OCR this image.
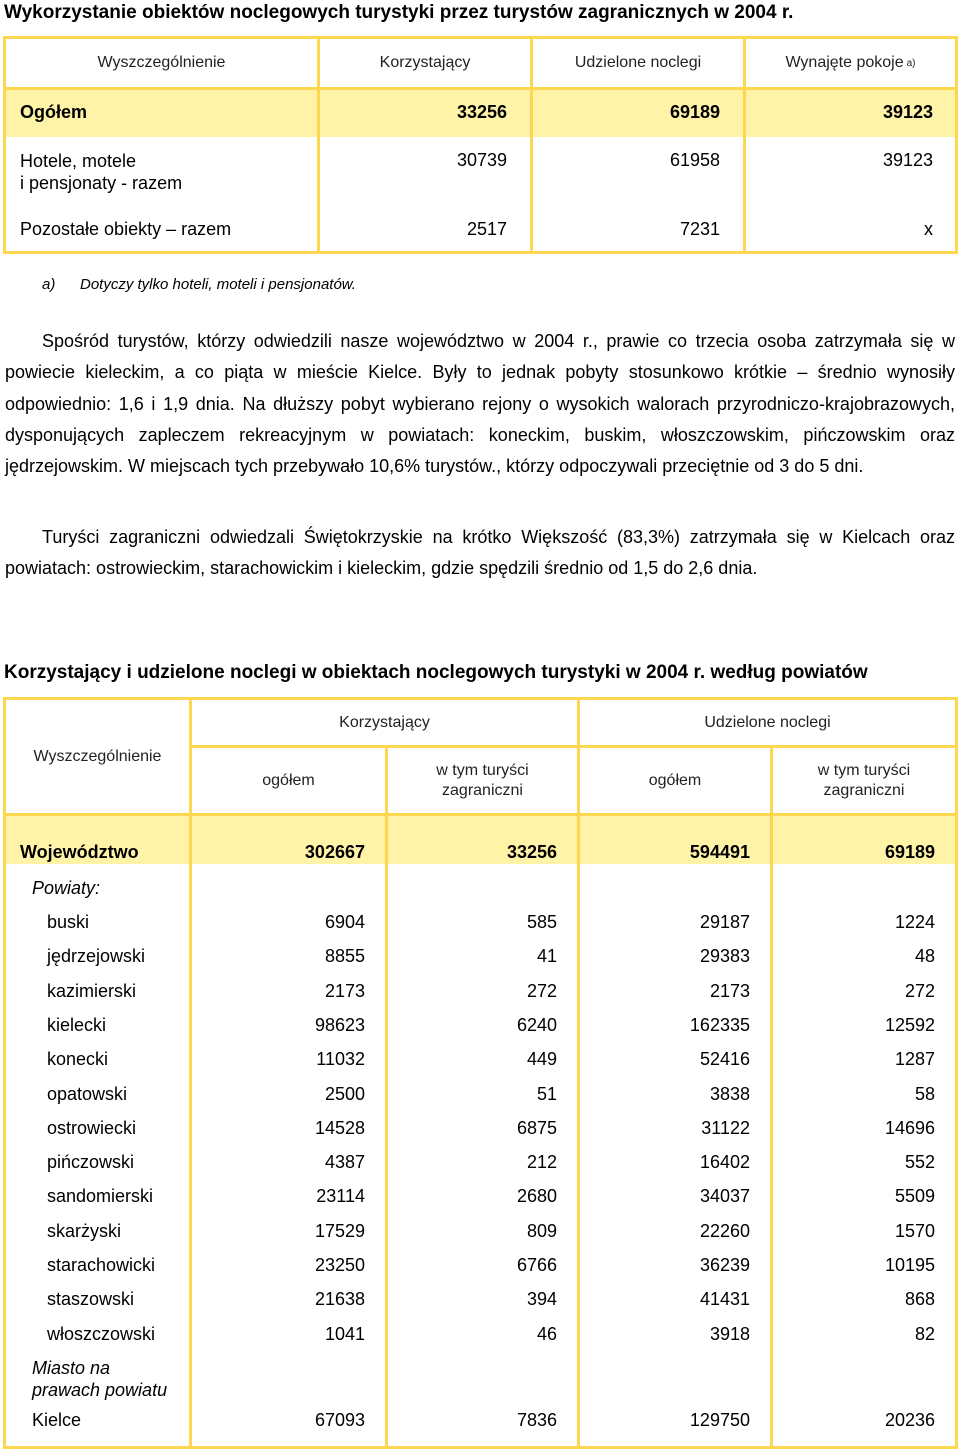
Wykorzystanie obiektów noclegowych turystyki przez turystów zagranicznych w 2004 r.
Wyszczególnienie	Korzystający	Udzielone noclegi	Wynajęte pokoje a)
Ogółem	33256	69189	39123
Hotele, motele
i pensjonaty - razem
30739	61958	39123
Pozostałe obiekty – razem	2517	7231	x
a) Dotyczy tylko hoteli, moteli i pensjonatów.

Spośród turystów, którzy odwiedzili nasze województwo w 2004 r., prawie co trzecia osoba zatrzymała się w powiecie kieleckim, a co piąta w mieście Kielce. Były to jednak pobyty stosunkowo krótkie – średnio wynosiły odpowiednio: 1,6 i 1,9 dnia. Na dłuższy pobyt wybierano rejony o wysokich walorach przyrodniczo-krajobrazowych, dysponujących zapleczem rekreacyjnym w powiatach: koneckim, buskim, włoszczowskim, pińczowskim oraz jędrzejowskim. W miejscach tych przebywało 10,6% turystów., którzy odpoczywali przeciętnie od 3 do 5 dni.

Turyści zagraniczni odwiedzali Świętokrzyskie na krótko Większość (83,3%) zatrzymała się w Kielcach oraz powiatach: ostrowieckim, starachowickim i kieleckim, gdzie spędzili średnio od 1,5 do 2,6 dnia.

Korzystający i udzielone noclegi w obiektach noclegowych turystyki w 2004 r. według powiatów
Wyszczególnienie
Korzystający	Udzielone noclegi
ogółem
w tym turyści
zagraniczni
ogółem
w tym turyści
zagraniczni
Województwo	302667	33256	594491	69189
Powiaty:
buski	6904	585	29187	1224
jędrzejowski	8855	41	29383	48
kazimierski	2173	272	2173	272
kielecki	98623	6240	162335	12592
konecki	11032	449	52416	1287
opatowski	2500	51	3838	58
ostrowiecki	14528	6875	31122	14696
pińczowski	4387	212	16402	552
sandomierski	23114	2680	34037	5509
skarżyski	17529	809	22260	1570
starachowicki	23250	6766	36239	10195
staszowski	21638	394	41431	868
włoszczowski	1041	46	3918	82
Miasto na
prawach powiatu
Kielce	67093	7836	129750	20236
